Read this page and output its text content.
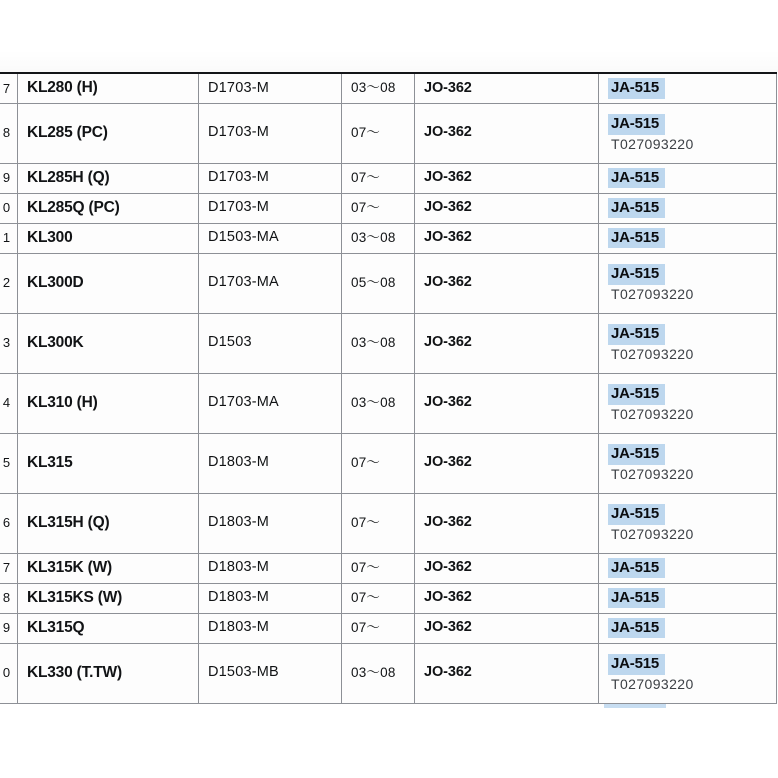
7	KL280 (H)	D1703-M	03〜08	JO-362	JA-515
8	KL285 (PC)	D1703-M	07〜	JO-362	JA-515
T027093220

9	KL285H (Q)	D1703-M	07〜	JO-362	JA-515
0	KL285Q (PC)	D1703-M	07〜	JO-362	JA-515
1	KL300	D1503-MA	03〜08	JO-362	JA-515
2	KL300D	D1703-MA	05〜08	JO-362	JA-515
T027093220

3	KL300K	D1503	03〜08	JO-362	JA-515
T027093220

4	KL310 (H)	D1703-MA	03〜08	JO-362	JA-515
T027093220

5	KL315	D1803-M	07〜	JO-362	JA-515
T027093220

6	KL315H (Q)	D1803-M	07〜	JO-362	JA-515
T027093220

7	KL315K (W)	D1803-M	07〜	JO-362	JA-515
8	KL315KS (W)	D1803-M	07〜	JO-362	JA-515
9	KL315Q	D1803-M	07〜	JO-362	JA-515
0	KL330 (T.TW)	D1503-MB	03〜08	JO-362	JA-515
T027093220
